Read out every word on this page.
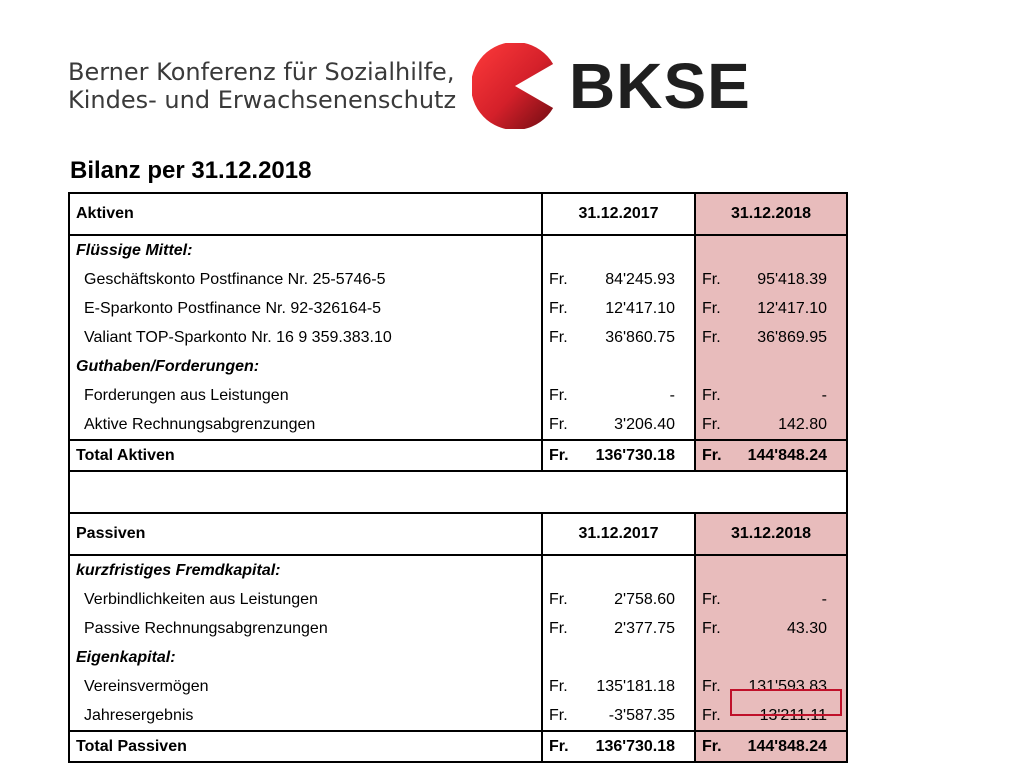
Berner Konferenz für Sozialhilfe,
Kindes- und Erwachsenenschutz BKSE
Bilanz per 31.12.2018
Aktiven	31.12.2017	31.12.2018
Flüssige Mittel:		
Geschäftskonto Postfinance Nr. 25-5746-5	Fr. 84'245.93	Fr. 95'418.39

E-Sparkonto Postfinance Nr. 92-326164-5	Fr. 12'417.10	Fr. 12'417.10

Valiant TOP-Sparkonto Nr. 16 9 359.383.10	Fr. 36'860.75	Fr. 36'869.95

Guthaben/Forderungen:		
Forderungen aus Leistungen	Fr. -	Fr. -

Aktive Rechnungsabgrenzungen	Fr. 3'206.40	Fr. 142.80

Total Aktiven	Fr. 136'730.18	Fr. 144'848.24

Passiven	31.12.2017	31.12.2018
kurzfristiges Fremdkapital:		
Verbindlichkeiten aus Leistungen	Fr. 2'758.60	Fr. -

Passive Rechnungsabgrenzungen	Fr. 2'377.75	Fr. 43.30

Eigenkapital:		
Vereinsvermögen	Fr. 135'181.18	Fr. 131'593.83

Jahresergebnis	Fr. -3'587.35	Fr. 13'211.11

Total Passiven	Fr. 136'730.18	Fr. 144'848.24
